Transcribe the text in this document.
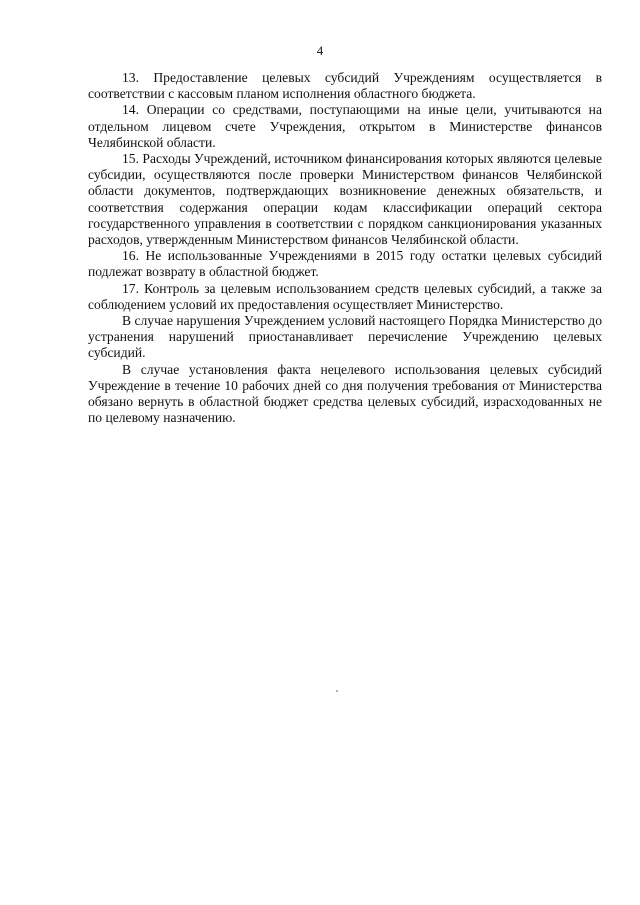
4

13. Предоставление целевых субсидий Учреждениям осуществляется в соответствии с кассовым планом исполнения областного бюджета.

14. Операции со средствами, поступающими на иные цели, учитываются на отдельном лицевом счете Учреждения, открытом в Министерстве финансов Челябинской области.

15. Расходы Учреждений, источником финансирования которых являются целевые субсидии, осуществляются после проверки Министерством финансов Челябинской области документов, подтверждающих возникновение денежных обязательств, и соответствия содержания операции кодам классификации операций сектора государственного управления в соответствии с порядком санкционирования указанных расходов, утвержденным Министерством финансов Челябинской области.

16. Не использованные Учреждениями в 2015 году остатки целевых субсидий подлежат возврату в областной бюджет.

17. Контроль за целевым использованием средств целевых субсидий, а также за соблюдением условий их предоставления осуществляет Министерство.

В случае нарушения Учреждением условий настоящего Порядка Министерство до устранения нарушений приостанавливает перечисление Учреждению целевых субсидий.

В случае установления факта нецелевого использования целевых субсидий Учреждение в течение 10 рабочих дней со дня получения требования от Министерства обязано вернуть в областной бюджет средства целевых субсидий, израсходованных не по целевому назначению.
